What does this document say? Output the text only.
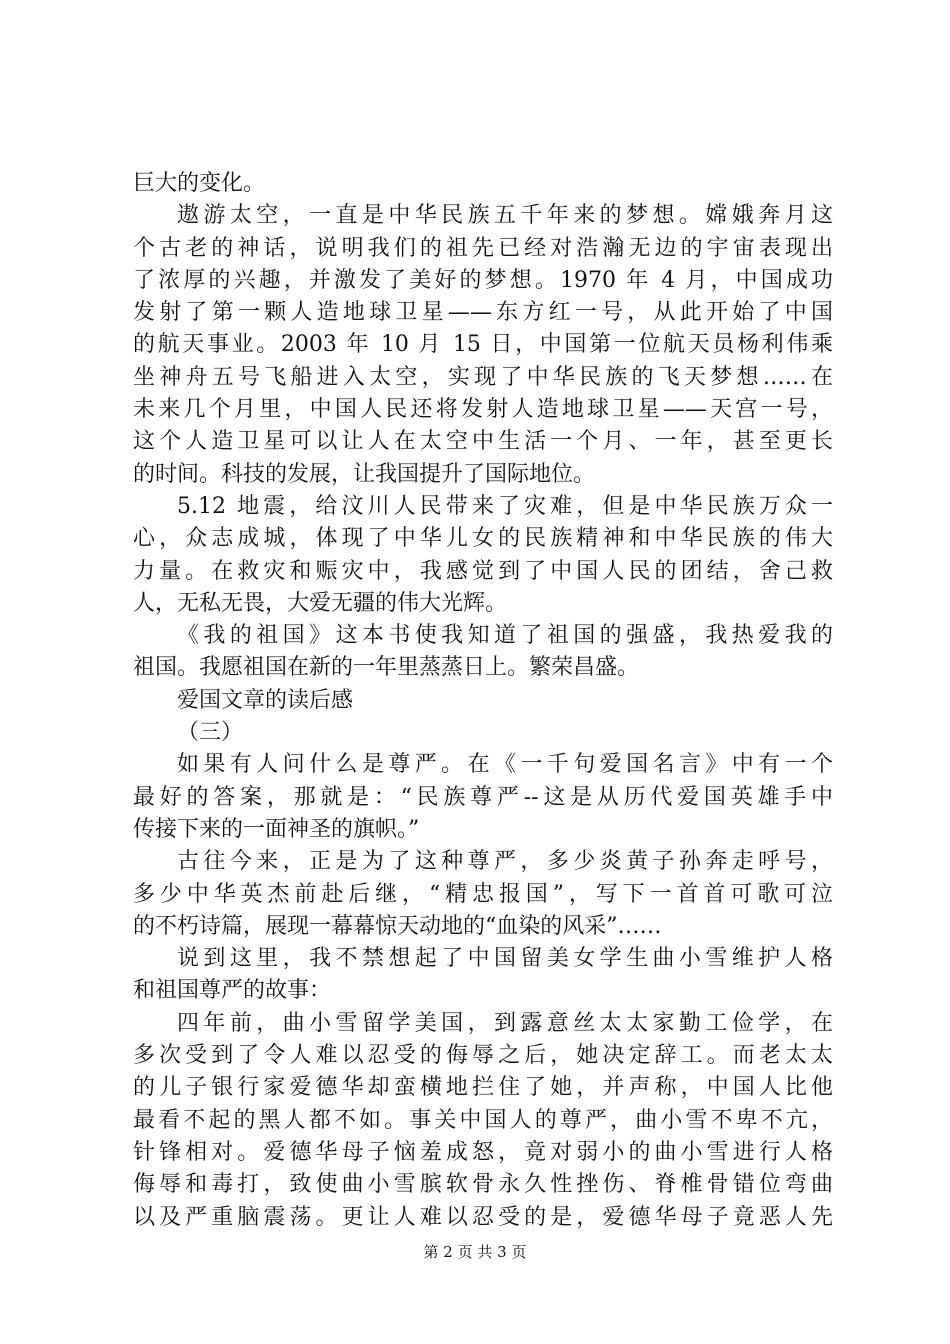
巨大的变化。
遨游太空，一直是中华民族五千年来的梦想。嫦娥奔月这
个古老的神话，说明我们的祖先已经对浩瀚无边的宇宙表现出
了浓厚的兴趣，并激发了美好的梦想。1970 年 4 月，中国成功
发射了第一颗人造地球卫星——东方红一号，从此开始了中国
的航天事业。2003 年 10 月 15 日，中国第一位航天员杨利伟乘
坐神舟五号飞船进入太空，实现了中华民族的飞天梦想……在
未来几个月里，中国人民还将发射人造地球卫星——天宫一号，
这个人造卫星可以让人在太空中生活一个月、一年，甚至更长
的时间。科技的发展，让我国提升了国际地位。
5.12 地震，给汶川人民带来了灾难，但是中华民族万众一
心，众志成城，体现了中华儿女的民族精神和中华民族的伟大
力量。在救灾和赈灾中，我感觉到了中国人民的团结，舍己救
人，无私无畏，大爱无疆的伟大光辉。
《我的祖国》这本书使我知道了祖国的强盛，我热爱我的
祖国。我愿祖国在新的一年里蒸蒸日上。繁荣昌盛。
爱国文章的读后感
（三）
如果有人问什么是尊严。在《一千句爱国名言》中有一个
最好的答案，那就是：“民族尊严--这是从历代爱国英雄手中
传接下来的一面神圣的旗帜。”
古往今来，正是为了这种尊严，多少炎黄子孙奔走呼号，
多少中华英杰前赴后继，“精忠报国”，写下一首首可歌可泣
的不朽诗篇，展现一幕幕惊天动地的“血染的风采”……
说到这里，我不禁想起了中国留美女学生曲小雪维护人格
和祖国尊严的故事：
四年前，曲小雪留学美国，到露意丝太太家勤工俭学，在
多次受到了令人难以忍受的侮辱之后，她决定辞工。而老太太
的儿子银行家爱德华却蛮横地拦住了她，并声称，中国人比他
最看不起的黑人都不如。事关中国人的尊严，曲小雪不卑不亢，
针锋相对。爱德华母子恼羞成怒，竟对弱小的曲小雪进行人格
侮辱和毒打，致使曲小雪膑软骨永久性挫伤、脊椎骨错位弯曲
以及严重脑震荡。更让人难以忍受的是，爱德华母子竟恶人先
第 2 页 共 3 页
